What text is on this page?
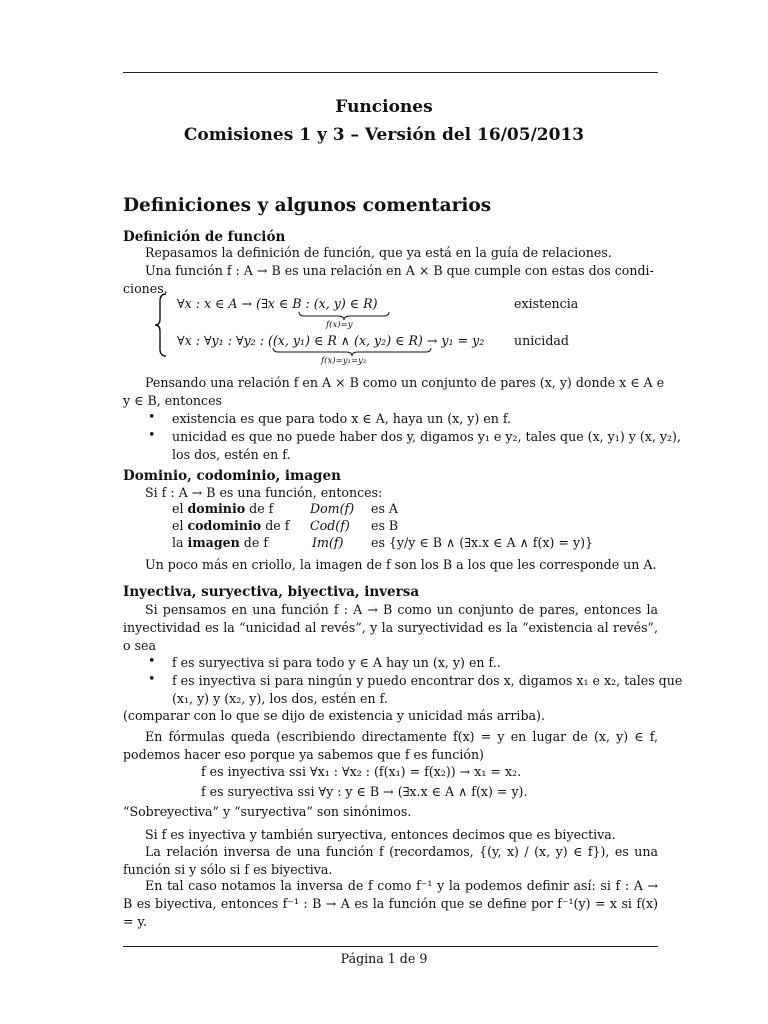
Funciones
Comisiones 1 y 3 – Versión del 16/05/2013
Definiciones y algunos comentarios
Definición de función
Repasamos la definición de función, que ya está en la guía de relaciones.
Una función f : A → B es una relación en A × B que cumple con estas dos condi-
ciones.
∀x : x ∈ A → (∃x ∈ B : (x, y) ∈ R)
f(x)=y
existencia
∀x : ∀y₁ : ∀y₂ : ((x, y₁) ∈ R ∧ (x, y₂) ∈ R) → y₁ = y₂
f(x)=y₁=y₂
unicidad
Pensando una relación f en A × B como un conjunto de pares (x, y) donde x ∈ A e
y ∈ B, entonces
• existencia es que para todo x ∈ A, haya un (x, y) en f.
• unicidad es que no puede haber dos y, digamos y₁ e y₂, tales que (x, y₁) y (x, y₂),
los dos, estén en f.
Dominio, codominio, imagen
Si f : A → B es una función, entonces:
el dominio de f	Dom(f) es A
el codominio de f Cod(f) es B
la imagen de f	Im(f) es {y/y ∈ B ∧ (∃x.x ∈ A ∧ f(x) = y)}
Un poco más en criollo, la imagen de f son los B a los que les corresponde un A.
Inyectiva, suryectiva, biyectiva, inversa
Si pensamos en una función f : A → B como un conjunto de pares, entonces la inyectividad es la “unicidad al revés”, y la suryectividad es la “existencia al revés”, o sea
• f es suryectiva si para todo y ∈ A hay un (x, y) en f..
• f es inyectiva si para ningún y puedo encontrar dos x, digamos x₁ e x₂, tales que
(x₁, y) y (x₂, y), los dos, estén en f.
(comparar con lo que se dijo de existencia y unicidad más arriba).
En fórmulas queda (escribiendo directamente f(x) = y en lugar de (x, y) ∈ f, podemos hacer eso porque ya sabemos que f es función)
f es inyectiva ssi ∀x₁ : ∀x₂ : (f(x₁) = f(x₂)) → x₁ = x₂.
f es suryectiva ssi ∀y : y ∈ B → (∃x.x ∈ A ∧ f(x) = y).
“Sobreyectiva” y “suryectiva” son sinónimos.
Si f es inyectiva y también suryectiva, entonces decimos que es biyectiva.
La relación inversa de una función f (recordamos, {(y, x) / (x, y) ∈ f}), es una función si y sólo si f es biyectiva.
En tal caso notamos la inversa de f como f⁻¹ y la podemos definir así: si f : A → B es biyectiva, entonces f⁻¹ : B → A es la función que se define por f⁻¹(y) = x si f(x) = y.
Página 1 de 9
